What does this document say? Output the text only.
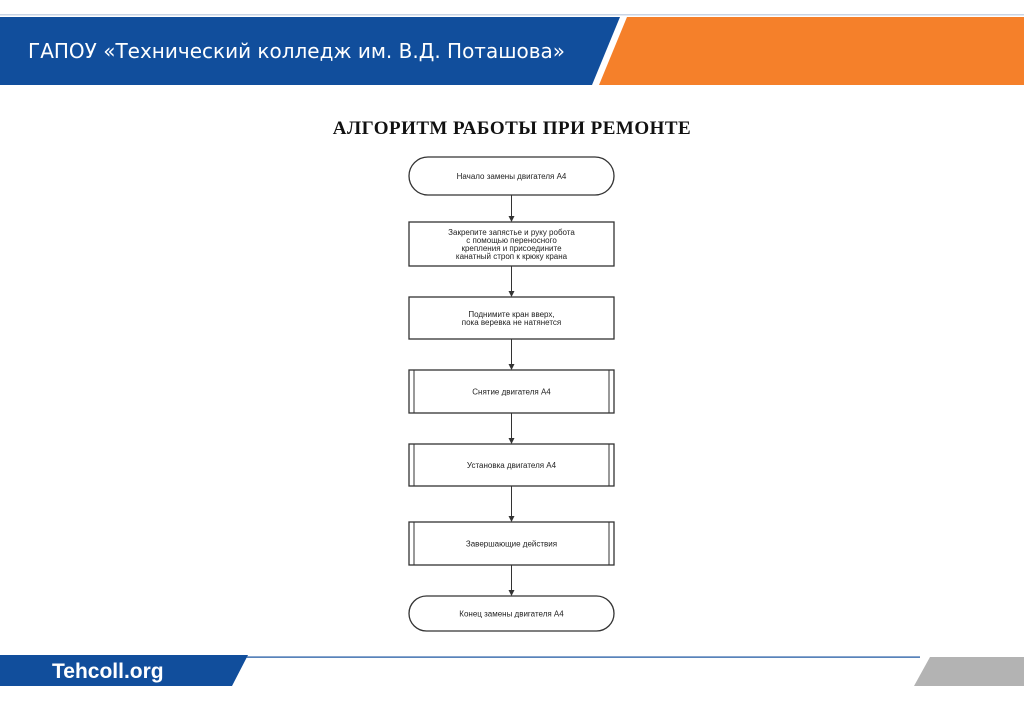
ГАПОУ «Технический колледж им. В.Д. Поташова»
АЛГОРИТМ РАБОТЫ ПРИ РЕМОНТЕ
Начало замены двигателя А4
Закрепите запястье и руку робота
с помощью переносного
крепления и присоедините
канатный строп к крюку крана
Поднимите кран вверх,
пока веревка не натянется
Снятие двигателя А4
Установка двигателя А4
Завершающие действия
Конец замены двигателя А4
Tehcoll.org
